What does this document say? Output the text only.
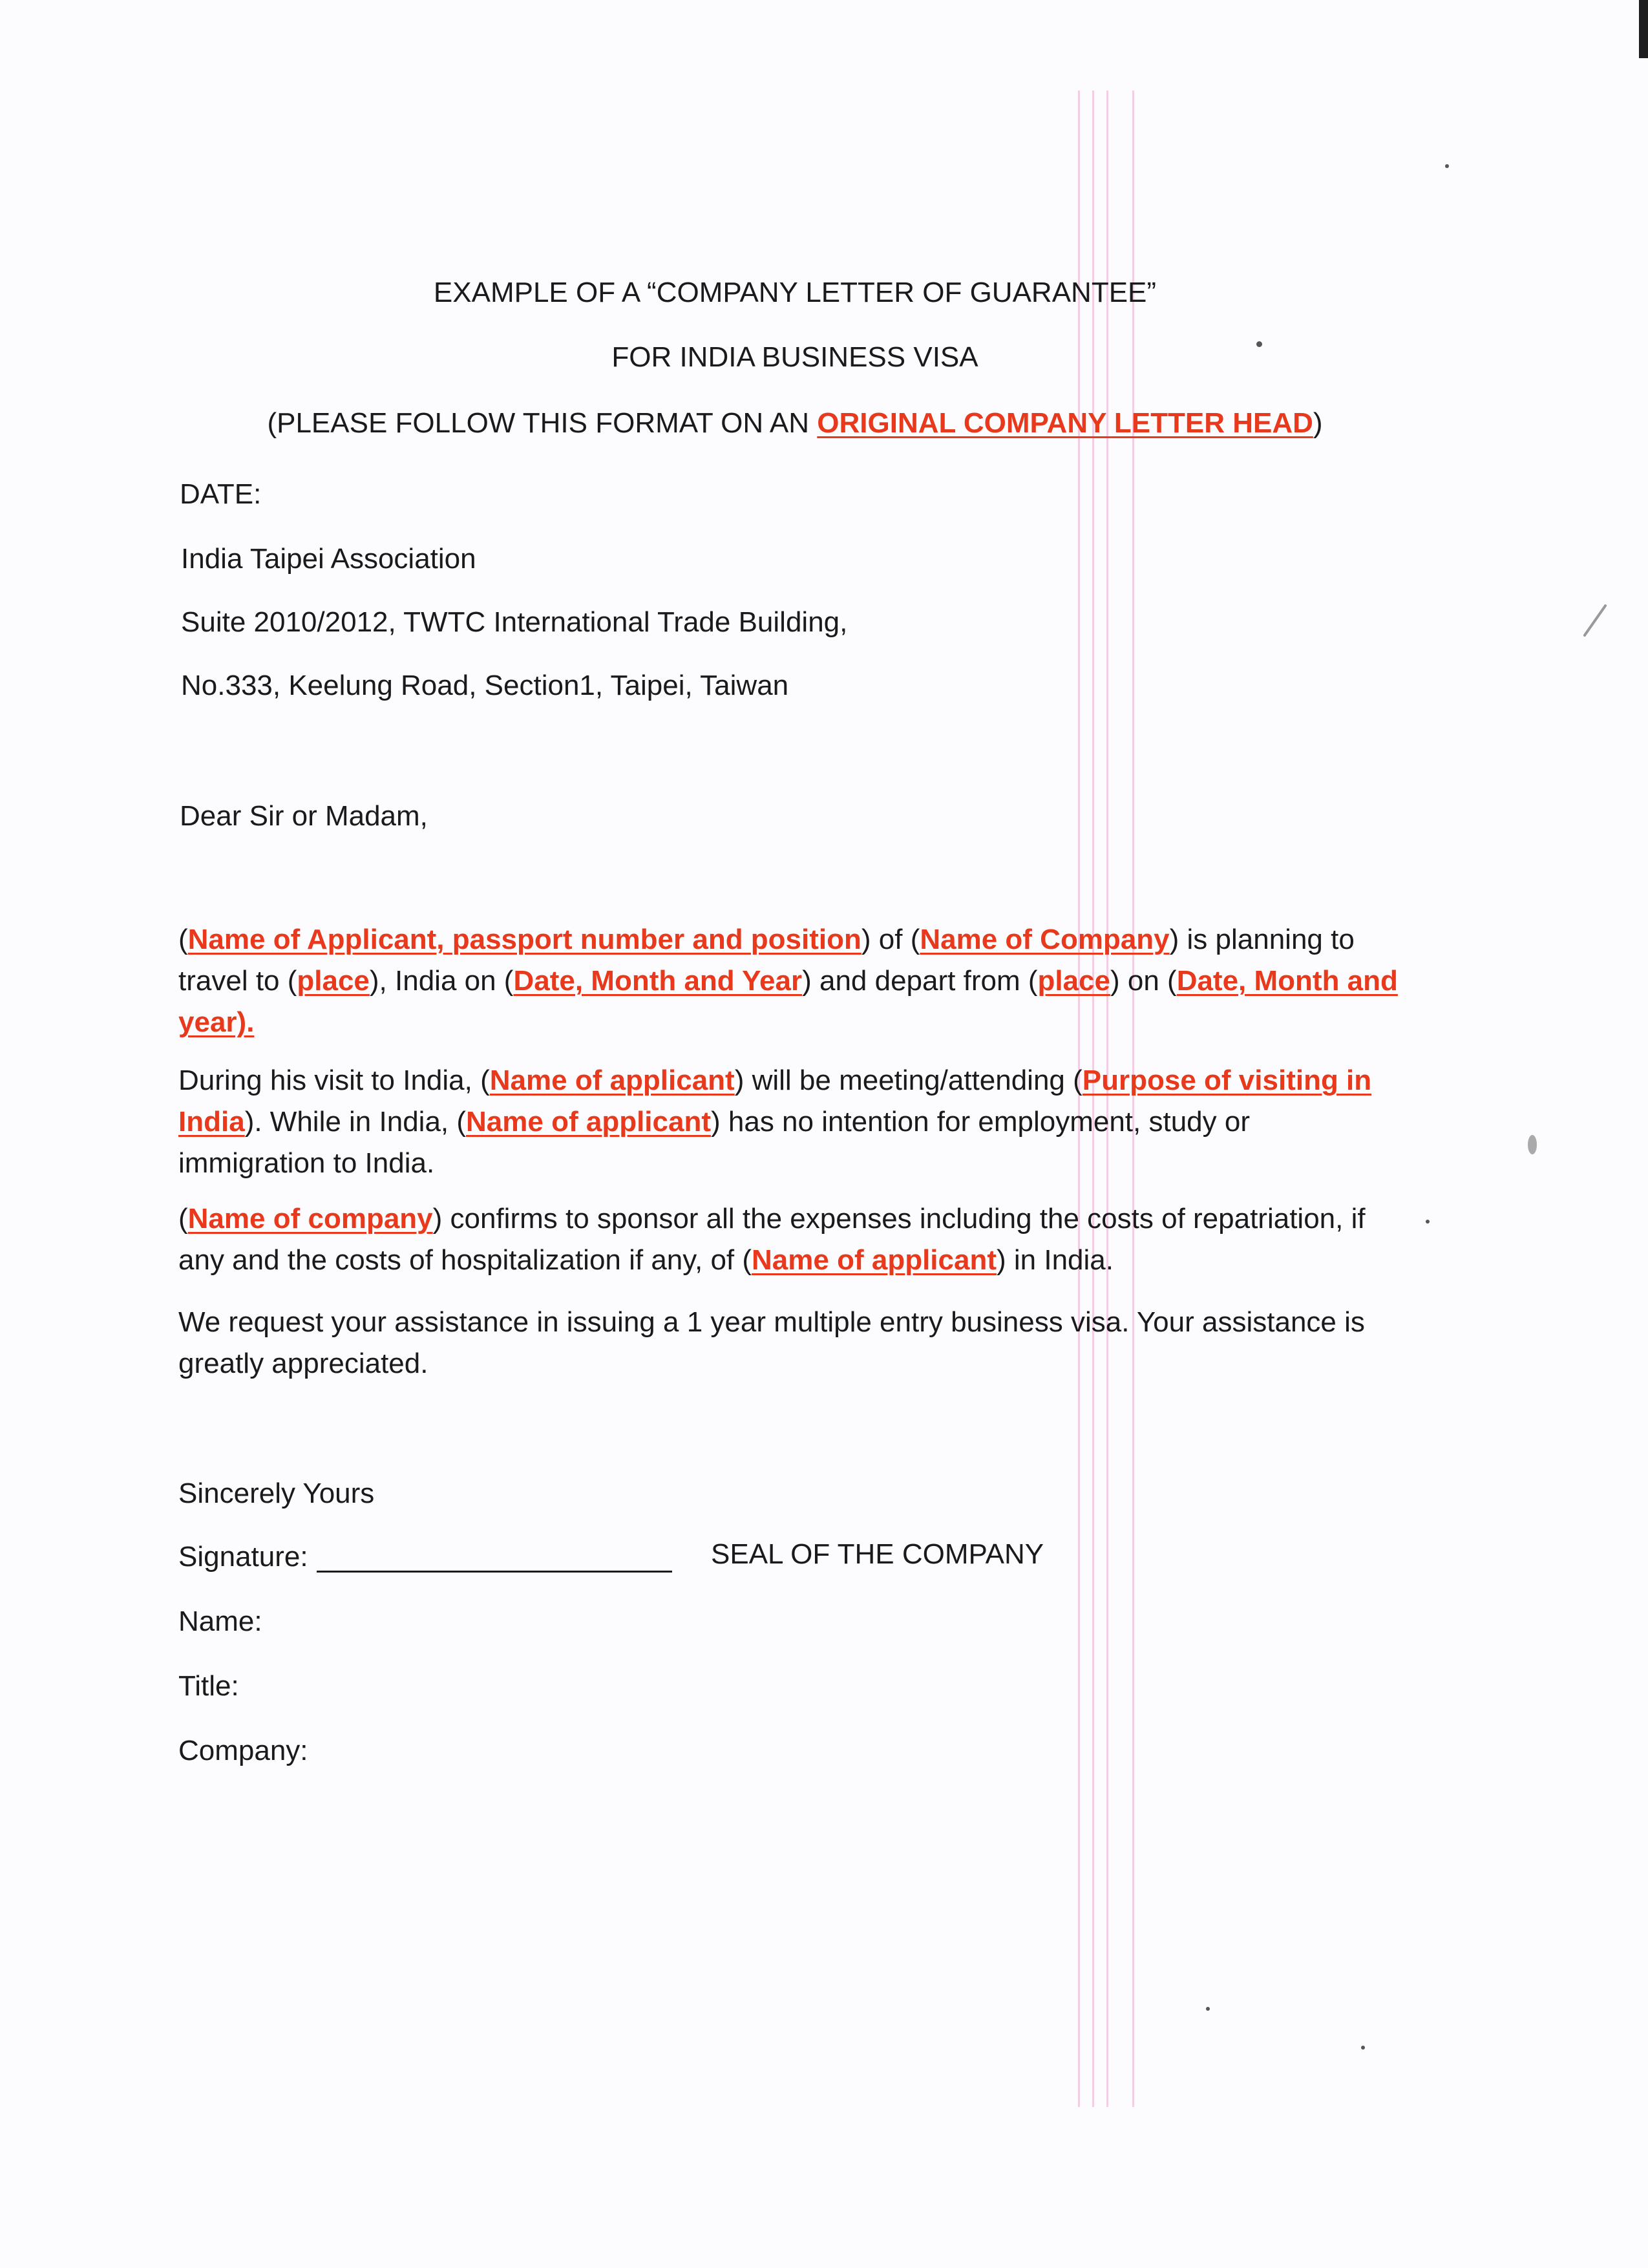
EXAMPLE OF A “COMPANY LETTER OF GUARANTEE”
FOR INDIA BUSINESS VISA
(PLEASE FOLLOW THIS FORMAT ON AN ORIGINAL COMPANY LETTER HEAD)
DATE:
India Taipei Association
Suite 2010/2012, TWTC International Trade Building,
No.333, Keelung Road, Section1, Taipei, Taiwan
Dear Sir or Madam,
(Name of Applicant, passport number and position) of (Name of Company) is planning to travel to (place), India on (Date, Month and Year) and depart from (place) on (Date, Month and year).
During his visit to India, (Name of applicant) will be meeting/attending (Purpose of visiting in India). While in India, (Name of applicant) has no intention for employment, study or immigration to India.
(Name of company) confirms to sponsor all the expenses including the costs of repatriation, if any and the costs of hospitalization if any, of (Name of applicant) in India.
We request your assistance in issuing a 1 year multiple entry business visa. Your assistance is greatly appreciated.
Sincerely Yours
Signature:	SEAL OF THE COMPANY
Name:
Title:
Company:
